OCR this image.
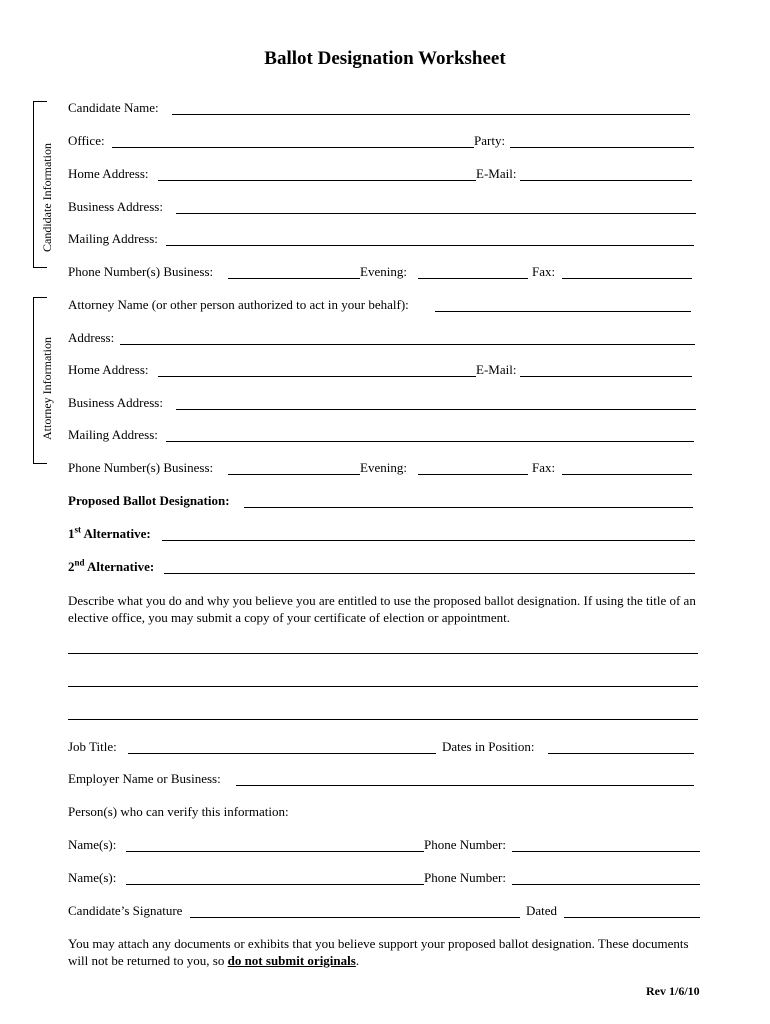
Ballot Designation Worksheet
Candidate Information
Attorney Information
Candidate Name:
Office:	Party:
Home Address:	E-Mail:
Business Address:
Mailing Address:
Phone Number(s) Business:	Evening:	Fax:
Attorney Name (or other person authorized to act in your behalf):
Address:
Home Address:	E-Mail:
Business Address:
Mailing Address:
Phone Number(s) Business:	Evening:	Fax:
Proposed Ballot Designation:
1st Alternative:
2nd Alternative:
Describe what you do and why you believe you are entitled to use the proposed ballot designation. If using the title of an elective office, you may submit a copy of your certificate of election or appointment.
Job Title:	Dates in Position:
Employer Name or Business:
Person(s) who can verify this information:
Name(s):	Phone Number:
Name(s):	Phone Number:
Candidate’s Signature	Dated
You may attach any documents or exhibits that you believe support your proposed ballot designation. These documents will not be returned to you, so do not submit originals.
Rev 1/6/10
